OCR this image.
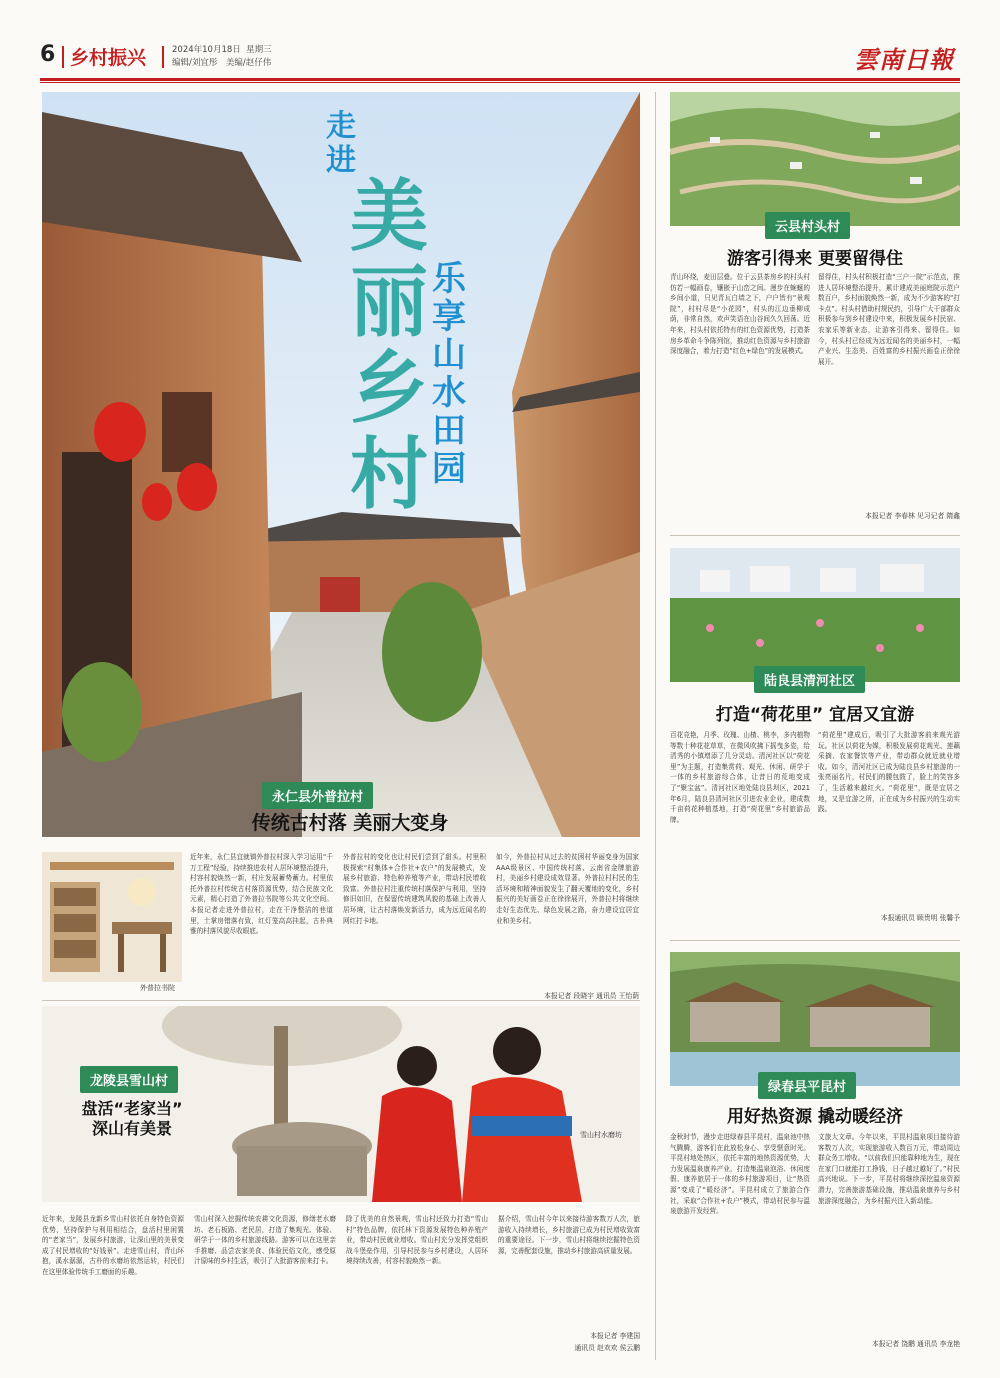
6 乡村振兴	2024年10月18日 星期三
编辑/刘宜彤　美编/赵仔伟	雲南日報
走进
美丽乡村
乐享山水田园
永仁县外普拉村
传统古村落 美丽大变身
外普拉书院
近年来，永仁县宜就镇外普拉村深入学习运用“千万工程”经验，持续推进农村人居环境整治提升，村容村貌焕然一新，村庄发展蓄势蓄力。村里依托外普拉村传统古村落资源优势，结合民族文化元素，精心打造了外普拉书院等公共文化空间。本报记者走进外普拉村，走在干净整洁的巷道里，土掌房错落有致，红灯笼高高挂起，古朴典雅的村落风貌尽收眼底。
外普拉村的变化也让村民们尝到了甜头。村里积极探索“村集体+合作社+农户”的发展模式，发展乡村旅游、特色种养殖等产业，带动村民增收致富。外普拉村注重传统村落保护与利用，坚持修旧如旧，在保留传统建筑风貌的基础上改善人居环境，让古村落焕发新活力，成为远近闻名的网红打卡地。
如今，外普拉村从过去的贫困村华丽变身为国家AAA级景区、中国传统村落、云南省金牌旅游村，美丽乡村建设成效显著。外普拉村村民的生活环境和精神面貌发生了翻天覆地的变化，乡村振兴的美好画卷正在徐徐展开，外普拉村将继续走好生态优先、绿色发展之路，奋力建设宜居宜业和美乡村。
本报记者 段晓宇 通讯员 王怡荫
龙陵县雪山村
盘活“老家当”
深山有美景	雪山村水磨坊
近年来，龙陵县龙新乡雪山村依托自身特色资源优势，坚持保护与利用相结合，盘活村里闲置的“老家当”，发展乡村旅游，让深山里的美景变成了村民增收的“好钱景”。走进雪山村，青山环抱，溪水潺潺，古朴的水磨坊依然运转，村民们在这里体验传统手工磨面的乐趣。
雪山村深入挖掘传统农耕文化资源，修缮老水磨坊、老石板路、老民居，打造了集观光、体验、研学于一体的乡村旅游线路。游客可以在这里亲手推磨、品尝农家美食、体验民俗文化，感受原汁原味的乡村生活，吸引了大批游客前来打卡。
除了优美的自然景观，雪山村还致力打造“雪山村”特色品牌，依托林下资源发展特色种养殖产业，带动村民就业增收。雪山村充分发挥党组织战斗堡垒作用，引导村民参与乡村建设，人居环境持续改善，村容村貌焕然一新。
据介绍，雪山村今年以来接待游客数万人次，旅游收入持续增长，乡村旅游已成为村民增收致富的重要途径。下一步，雪山村将继续挖掘特色资源，完善配套设施，推动乡村旅游高质量发展。
本报记者 李建国
通讯员 赵欢欢 侯云鹏
云县村头村
游客引得来 更要留得住
青山环绕，麦田层叠。位于云县茶房乡的村头村仿若一幅画卷，镶嵌于山峦之间。漫步在蜿蜒的乡间小道，只见青瓦白墙之下，户户皆有“景观院”，村村尽是“小花园”，村头的江边垂柳成荫，非常自然，欢声笑语在山谷间久久回荡。近年来，村头村依托特有的红色资源优势，打造茶房乡革命斗争陈列馆，推动红色资源与乡村旅游深度融合，着力打造“红色+绿色”的发展模式。
留得住，村头村积极打造“三户一院”示范点，推进人居环境整治提升，累计建成美丽庭院示范户数百户，乡村面貌焕然一新，成为不少游客的“打卡点”。村头村借助村规民约，引导广大干部群众积极参与到乡村建设中来，积极发展乡村民宿、农家乐等新业态，让游客引得来、留得住。如今，村头村已经成为远近闻名的美丽乡村，一幅产业兴、生态美、百姓富的乡村振兴画卷正徐徐展开。
本报记者 李春林 见习记者 隋鑫
陆良县清河社区
打造“荷花里” 宜居又宜游
百花竞艳，月季、玫瑰、山楂、桃李，多内植物等数十种花花草草，在微风吹拂下摇曳多姿，给清秀的小镇增添了几分灵动。清河社区以“荷花里”为主题，打造集赏荷、观光、休闲、研学于一体的乡村旅游综合体，让昔日的荒地变成了“聚宝盆”。清河社区地处陆良县坝区，2021年6月，陆良县清河社区引进农业企业，建成数千亩荷花种植基地，打造“荷花里”乡村旅游品牌。
“荷花里”建成后，吸引了大批游客前来观光游玩。社区以荷花为媒，积极发展荷花观光、莲藕采摘、农家餐饮等产业，带动群众就近就业增收。如今，清河社区已成为陆良县乡村旅游的一张亮丽名片，村民们的腰包鼓了，脸上的笑容多了，生活越来越红火。“荷花里”，既是宜居之地，又是宜游之所，正在成为乡村振兴的生动实践。
本报通讯员 顾贵明 张馨予
绿春县平昆村
用好热资源 撬动暖经济
金秋时节，漫步走进绿春县平昆村，温泉池中热气腾腾，游客们在此放松身心、享受惬意时光。平昆村地处热区，依托丰富的地热资源优势，大力发展温泉康养产业，打造集温泉泡浴、休闲度假、康养旅居于一体的乡村旅游项目，让“热资源”变成了“暖经济”。平昆村成立了旅游合作社，采取“合作社+农户”模式，带动村民参与温泉旅游开发经营。
文旅大文章。今年以来，平昆村温泉项目接待游客数万人次，实现旅游收入数百万元，带动周边群众务工增收。“以前我们只能靠种地为生，现在在家门口就能打工挣钱，日子越过越好了。”村民高兴地说。下一步，平昆村将继续深挖温泉资源潜力，完善旅游基础设施，推动温泉康养与乡村旅游深度融合，为乡村振兴注入新动能。
本报记者 饶鹏 通讯员 李龙艳
